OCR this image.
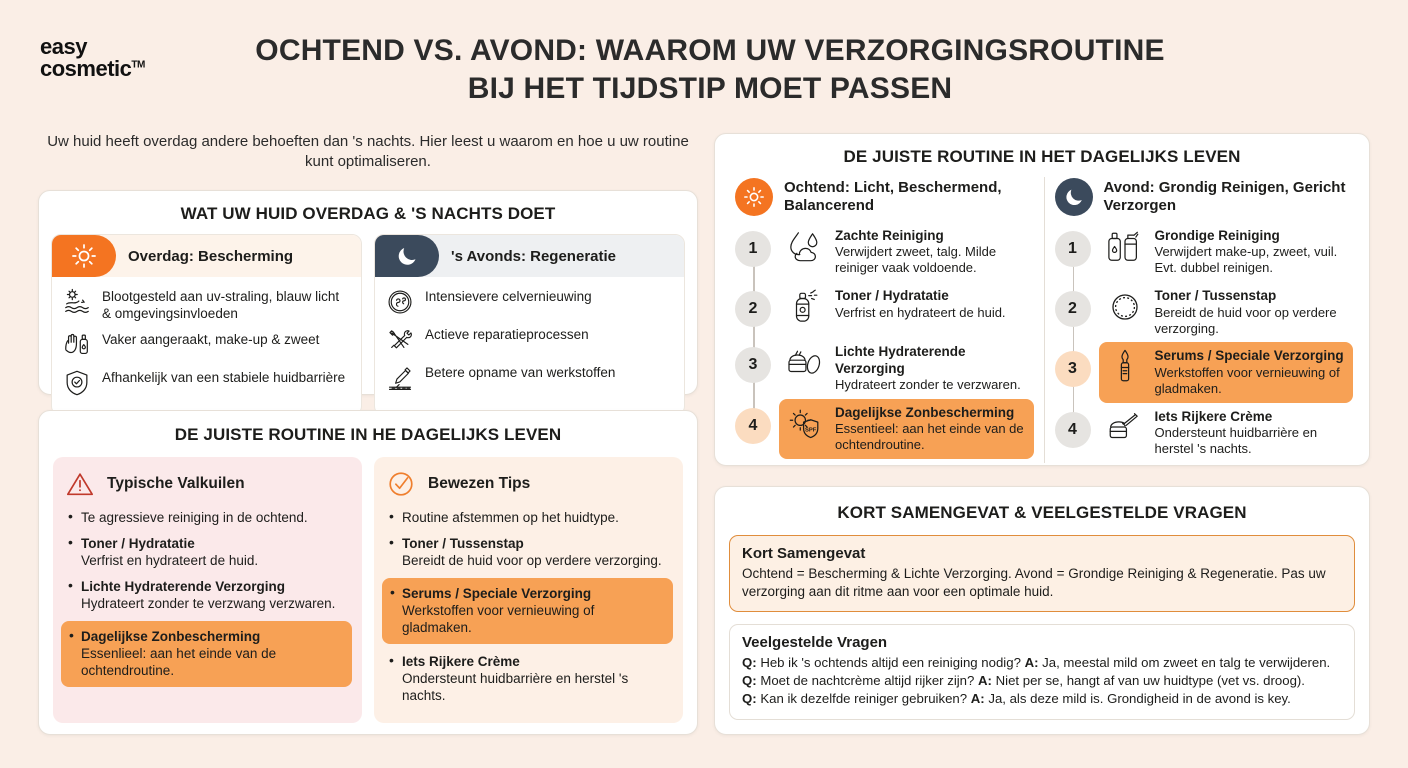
easy
cosmetic™	OCHTEND VS. AVOND: WAAROM UW VERZORGINGSROUTINE BIJ HET TIJDSTIP MOET PASSEN
Uw huid heeft overdag andere behoeften dan 's nachts. Hier leest u waarom en hoe u uw routine kunt optimaliseren.
WAT UW HUID OVERDAG & 'S NACHTS DOET
Overdag: Bescherming
Blootgesteld aan uv-straling, blauw licht & omgevingsinvloeden
Vaker aangeraakt, make-up & zweet
Afhankelijk van een stabiele huidbarrière
's Avonds: Regeneratie
Intensievere celvernieuwing
Actieve reparatieprocessen
Betere opname van werkstoffen
DE JUISTE ROUTINE IN HE DAGELIJKS LEVEN
Typische Valkuilen
• Te agressieve reiniging in de ochtend.
• Toner / Hydratatie
Verfrist en hydrateert de huid.
• Lichte Hydraterende Verzorging
Hydrateert zonder te verzwang verzwaren.
• Dagelijkse Zonbescherming
Essenlieel: aan het einde van de ochtendroutine.
Bewezen Tips
• Routine afstemmen op het huidtype.
• Toner / Tussenstap
Bereidt de huid voor op verdere verzorging.
• Serums / Speciale Verzorging
Werkstoffen voor vernieuwing of gladmaken.
• Iets Rijkere Crème
Ondersteunt huidbarrière en herstel 's nachts.
DE JUISTE ROUTINE IN HET DAGELIJKS LEVEN
Ochtend: Licht, Beschermend, Balancerend
1
Zachte Reiniging
Verwijdert zweet, talg. Milde reiniger vaak voldoende.
2
Toner / Hydratatie
Verfrist en hydrateert de huid.
3
Lichte Hydraterende Verzorging
Hydrateert zonder te verzwaren.
4	SPF
Dagelijkse Zonbescherming
Essentieel: aan het einde van de ochtendroutine.
Avond: Grondig Reinigen, Gericht Verzorgen
1
Grondige Reiniging
Verwijdert make-up, zweet, vuil. Evt. dubbel reinigen.
2
Toner / Tussenstap
Bereidt de huid voor op verdere verzorging.
3
Serums / Speciale Verzorging
Werkstoffen voor vernieuwing of gladmaken.
4
Iets Rijkere Crème
Ondersteunt huidbarrière en herstel 's nachts.
KORT SAMENGEVAT & VEELGESTELDE VRAGEN
Kort Samengevat

Ochtend = Bescherming & Lichte Verzorging. Avond = Grondige Reiniging & Regeneratie. Pas uw verzorging aan dit ritme aan voor een optimale huid.

Veelgestelde Vragen
Q: Heb ik 's ochtends altijd een reiniging nodig? A: Ja, meestal mild om zweet en talg te verwijderen.
Q: Moet de nachtcrème altijd rijker zijn? A: Niet per se, hangt af van uw huidtype (vet vs. droog).
Q: Kan ik dezelfde reiniger gebruiken? A: Ja, als deze mild is. Grondigheid in de avond is key.
